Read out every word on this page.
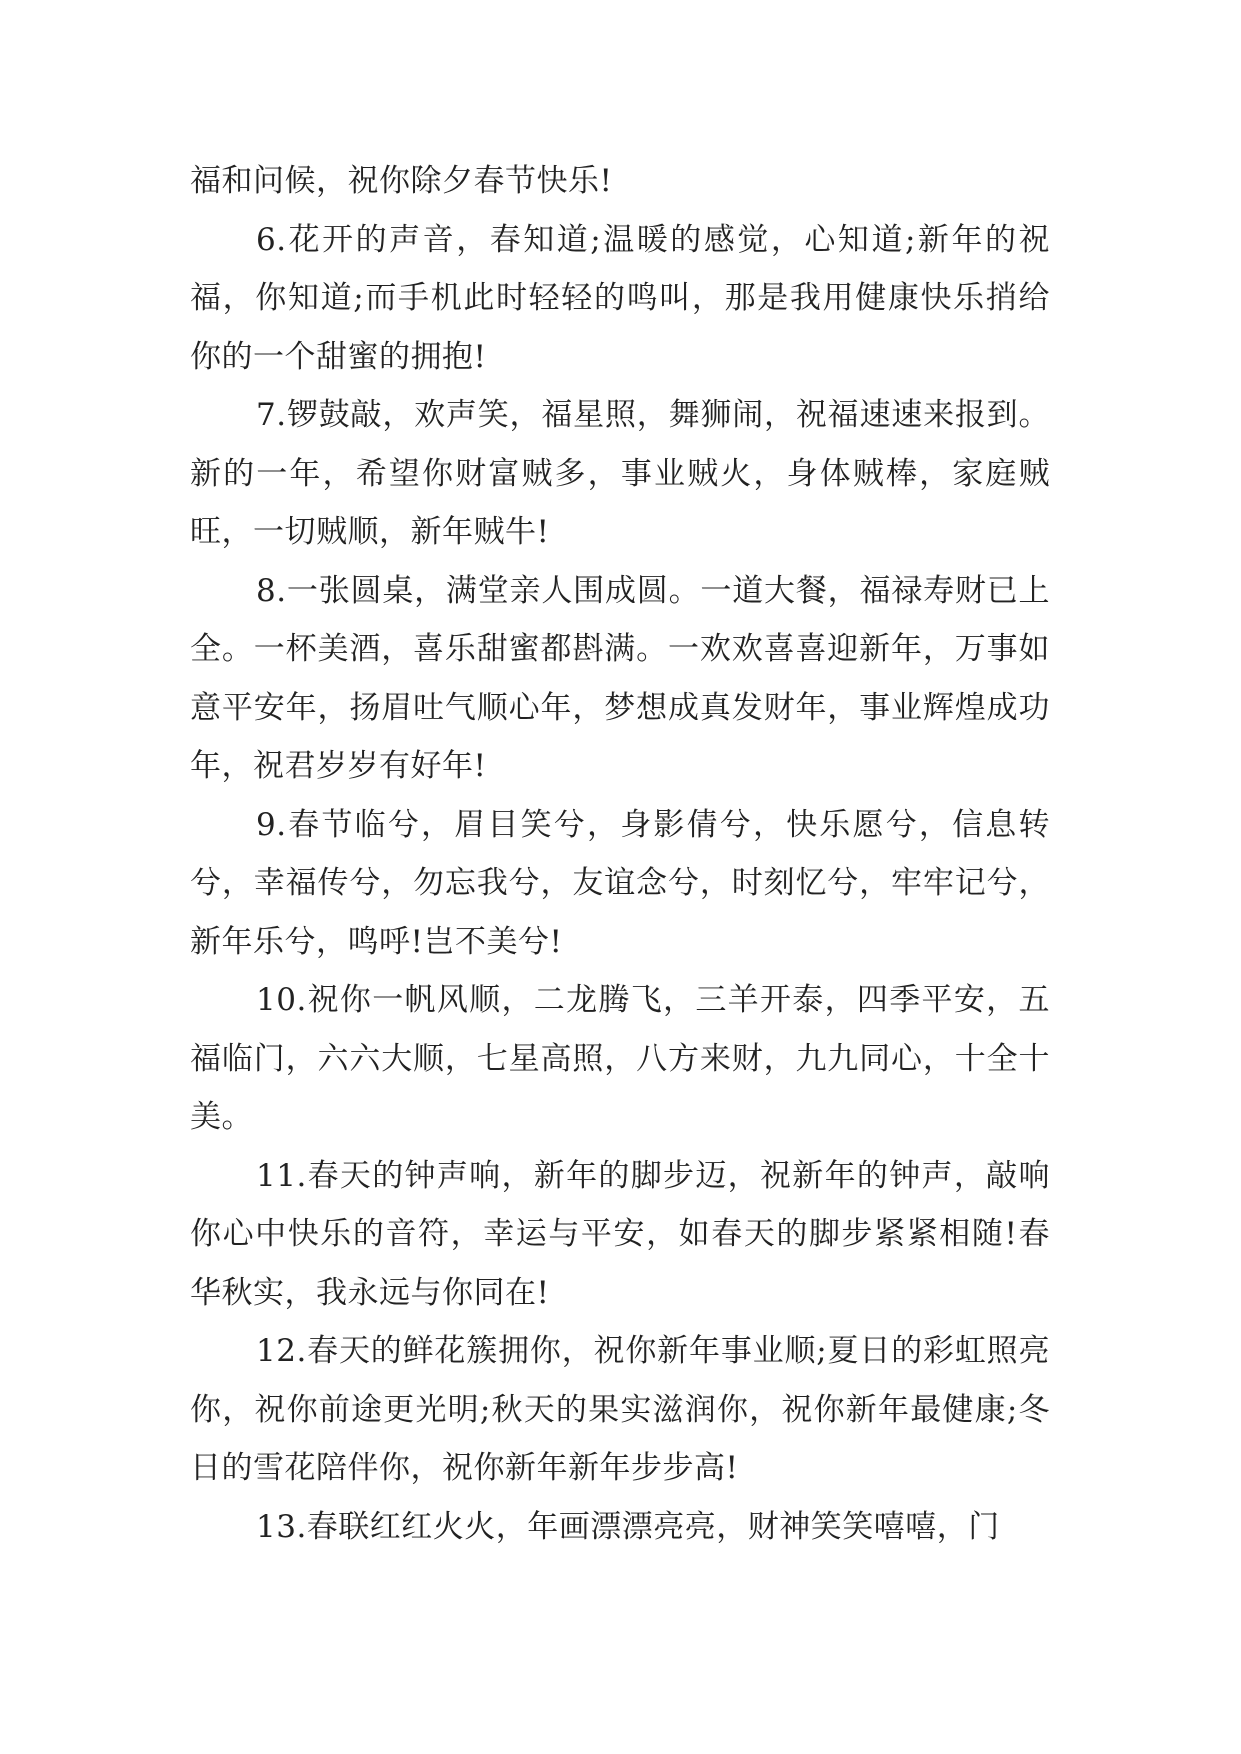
福和问候，祝你除夕春节快乐!

6.花开的声音，春知道;温暖的感觉，心知道;新年的祝福，你知道;而手机此时轻轻的鸣叫，那是我用健康快乐捎给你的一个甜蜜的拥抱!

7.锣鼓敲，欢声笑，福星照，舞狮闹，祝福速速来报到。新的一年，希望你财富贼多，事业贼火，身体贼棒，家庭贼旺，一切贼顺，新年贼牛!

8.一张圆桌，满堂亲人围成圆。一道大餐，福禄寿财已上全。一杯美酒，喜乐甜蜜都斟满。一欢欢喜喜迎新年，万事如意平安年，扬眉吐气顺心年，梦想成真发财年，事业辉煌成功年，祝君岁岁有好年!

9.春节临兮，眉目笑兮，身影倩兮，快乐愿兮，信息转兮，幸福传兮，勿忘我兮，友谊念兮，时刻忆兮，牢牢记兮，新年乐兮，鸣呼!岂不美兮!

10.祝你一帆风顺，二龙腾飞，三羊开泰，四季平安，五福临门，六六大顺，七星高照，八方来财，九九同心，十全十美。

11.春天的钟声响，新年的脚步迈，祝新年的钟声，敲响你心中快乐的音符，幸运与平安，如春天的脚步紧紧相随!春华秋实，我永远与你同在!

12.春天的鲜花簇拥你，祝你新年事业顺;夏日的彩虹照亮你，祝你前途更光明;秋天的果实滋润你，祝你新年最健康;冬日的雪花陪伴你，祝你新年新年步步高!

13.春联红红火火，年画漂漂亮亮，财神笑笑嘻嘻，门
